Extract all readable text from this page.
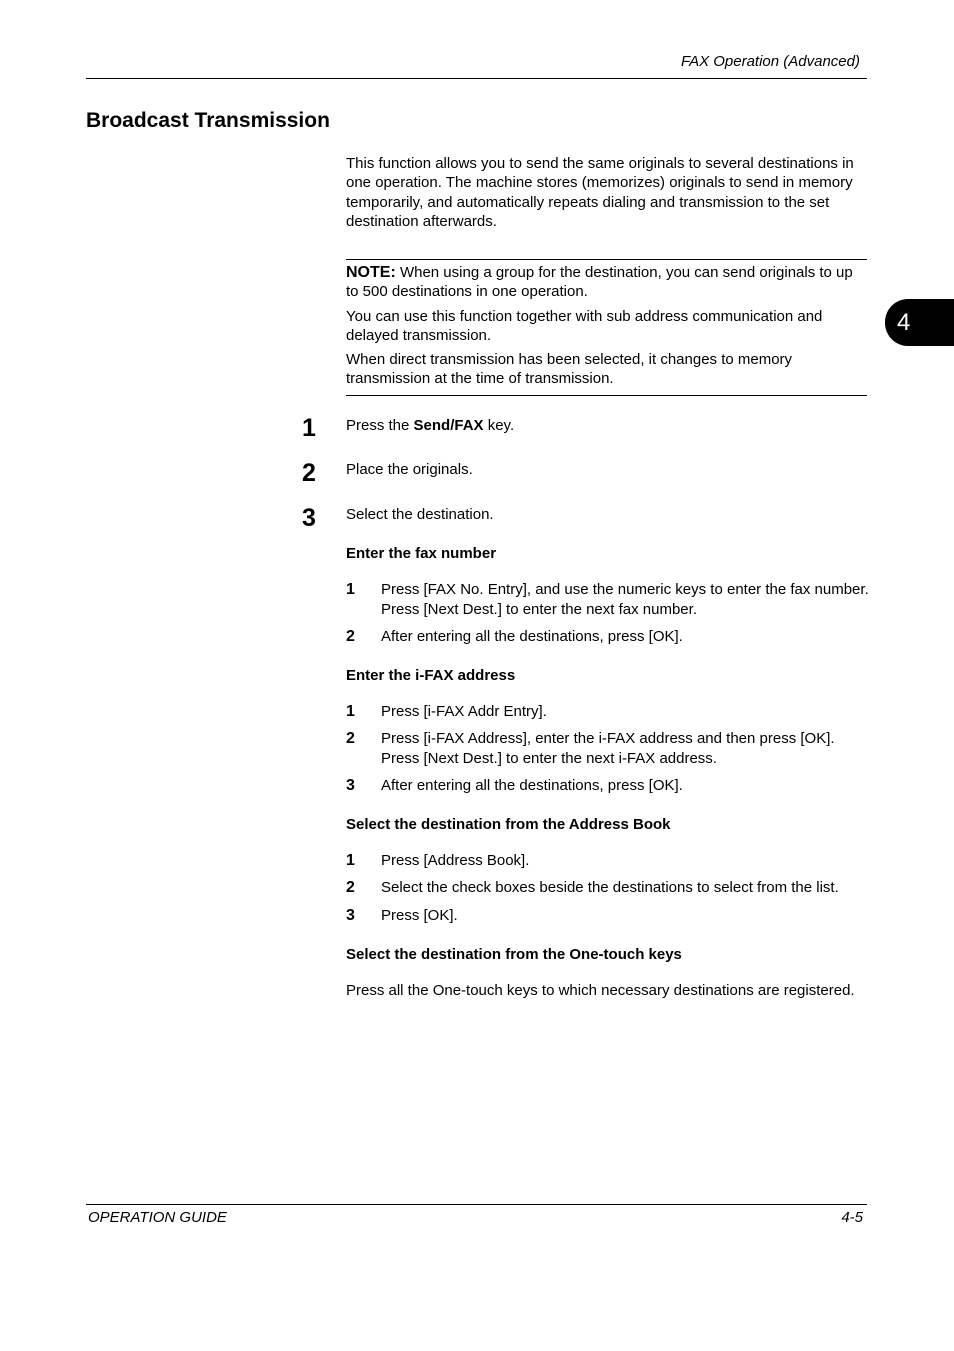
FAX Operation (Advanced)
Broadcast Transmission
4
This function allows you to send the same originals to several destinations in one operation. The machine stores (memorizes) originals to send in memory temporarily, and automatically repeats dialing and transmission to the set destination afterwards.

NOTE: When using a group for the destination, you can send originals to up to 500 destinations in one operation.

You can use this function together with sub address communication and delayed transmission.

When direct transmission has been selected, it changes to memory transmission at the time of transmission.

1	Press the Send/FAX key.
2	Place the originals.
3	Select the destination.
Enter the fax number
1	Press [FAX No. Entry], and use the numeric keys to enter the fax number. Press [Next Dest.] to enter the next fax number.
2	After entering all the destinations, press [OK].
Enter the i-FAX address
1	Press [i-FAX Addr Entry].
2	Press [i-FAX Address], enter the i-FAX address and then press [OK]. Press [Next Dest.] to enter the next i-FAX address.
3	After entering all the destinations, press [OK].
Select the destination from the Address Book
1	Press [Address Book].
2	Select the check boxes beside the destinations to select from the list.
3	Press [OK].
Select the destination from the One-touch keys
Press all the One-touch keys to which necessary destinations are registered.
OPERATION GUIDE	4-5
